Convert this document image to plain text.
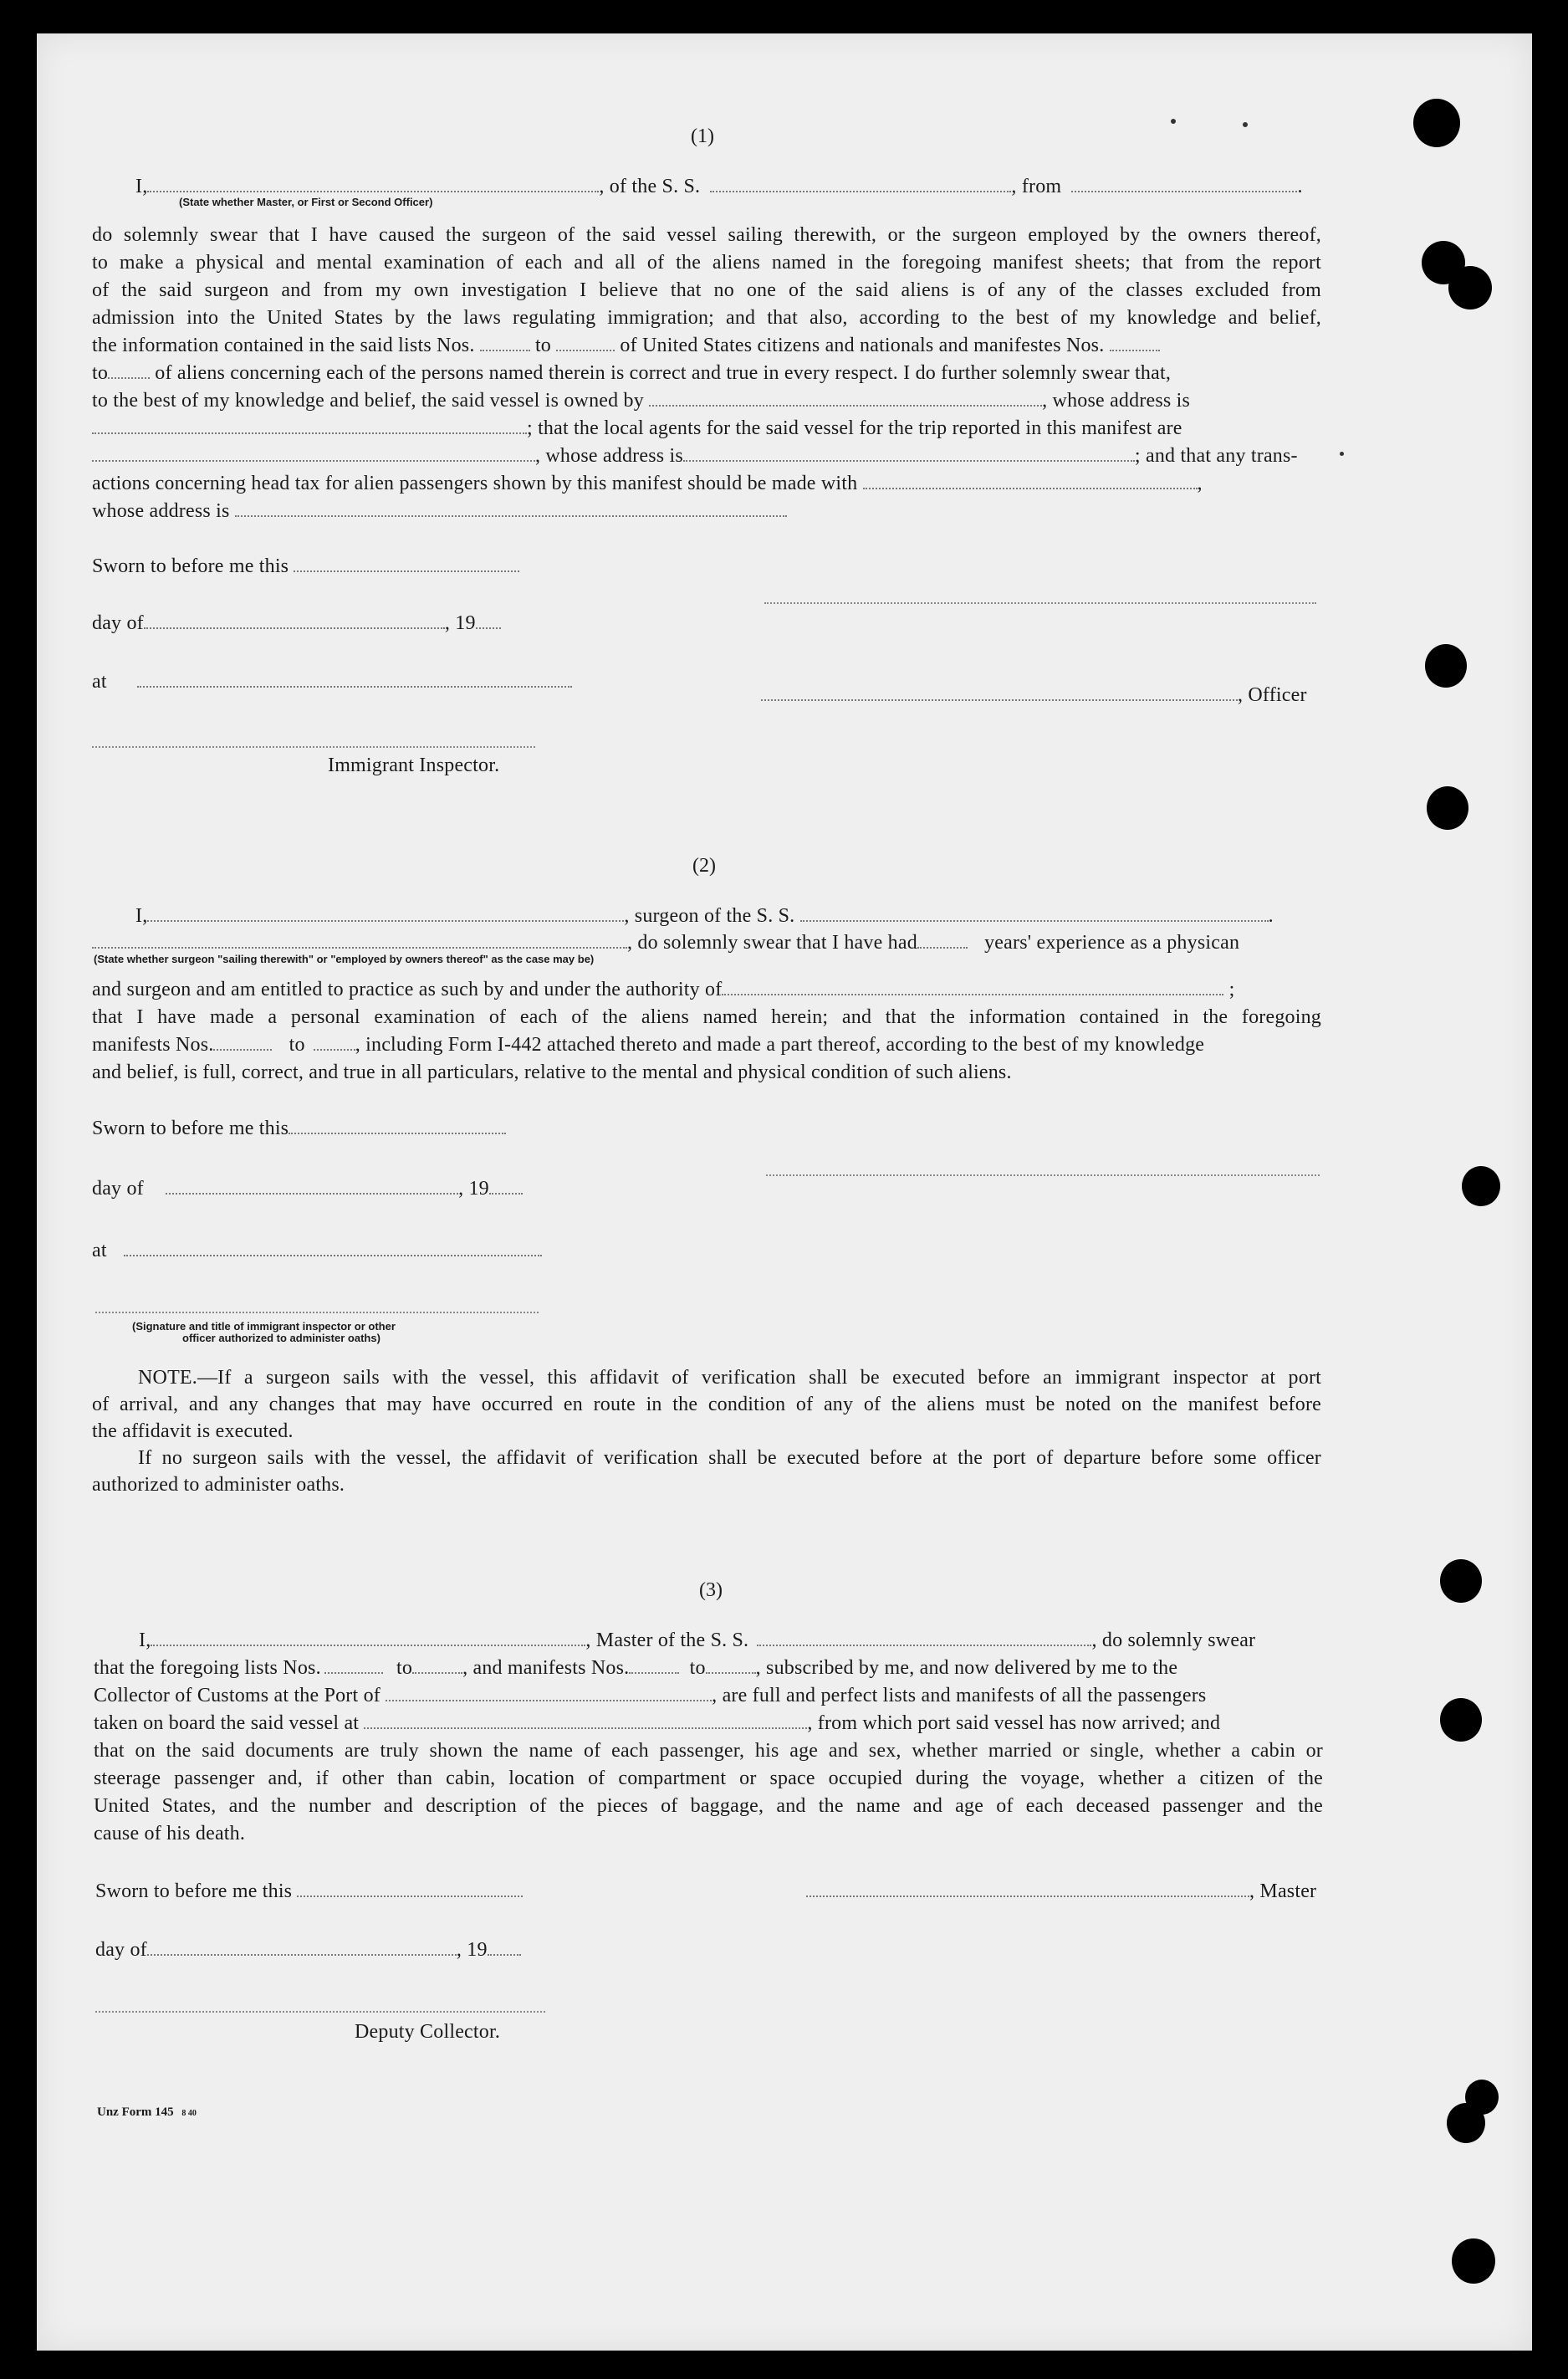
(1)
I,	, of the S. S.	, from	.
(State whether Master, or First or Second Officer)
do solemnly swear that I have caused the surgeon of the said vessel sailing therewith, or the surgeon employed by the owners thereof,
to make a physical and mental examination of each and all of the aliens named in the foregoing manifest sheets; that from the report
of the said surgeon and from my own investigation I believe that no one of the said aliens is of any of the classes excluded from
admission into the United States by the laws regulating immigration; and that also, according to the best of my knowledge and belief,
the information contained in the said lists Nos.	to	of United States citizens and nationals and manifestes Nos.
to of aliens concerning each of the persons named therein is correct and true in every respect. I do further solemnly swear that,
to the best of my knowledge and belief, the said vessel is owned by	, whose address is
; that the local agents for the said vessel for the trip reported in this manifest are
, whose address is	; and that any trans-
actions concerning head tax for alien passengers shown by this manifest should be made with	,
whose address is
Sworn to before me this
day of	, 19
at
, Officer
Immigrant Inspector.
(2)
I,	, surgeon of the S. S.	.
, do solemnly swear that I have had	years' experience as a physican
(State whether surgeon "sailing therewith" or "employed by owners thereof" as the case may be)
and surgeon and am entitled to practice as such by and under the authority of	;
that I have made a personal examination of each of the aliens named herein; and that the information contained in the foregoing
manifests Nos.	to	, including Form I-442 attached thereto and made a part thereof, according to the best of my knowledge
and belief, is full, correct, and true in all particulars, relative to the mental and physical condition of such aliens.
Sworn to before me this
day of	, 19
at
(Signature and title of immigrant inspector or other
officer authorized to administer oaths)
NOTE.—If a surgeon sails with the vessel, this affidavit of verification shall be executed before an immigrant inspector at port
of arrival, and any changes that may have occurred en route in the condition of any of the aliens must be noted on the manifest before
the affidavit is executed.
If no surgeon sails with the vessel, the affidavit of verification shall be executed before at the port of departure before some officer
authorized to administer oaths.
(3)
I,	, Master of the S. S.	, do solemnly swear
that the foregoing lists Nos.	to	, and manifests Nos.	to	, subscribed by me, and now delivered by me to the
Collector of Customs at the Port of	, are full and perfect lists and manifests of all the passengers
taken on board the said vessel at	, from which port said vessel has now arrived; and
that on the said documents are truly shown the name of each passenger, his age and sex, whether married or single, whether a cabin or
steerage passenger and, if other than cabin, location of compartment or space occupied during the voyage, whether a citizen of the
United States, and the number and description of the pieces of baggage, and the name and age of each deceased passenger and the
cause of his death.
Sworn to before me this	, Master
day of	, 19
Deputy Collector.
Unz Form 145 8 40
